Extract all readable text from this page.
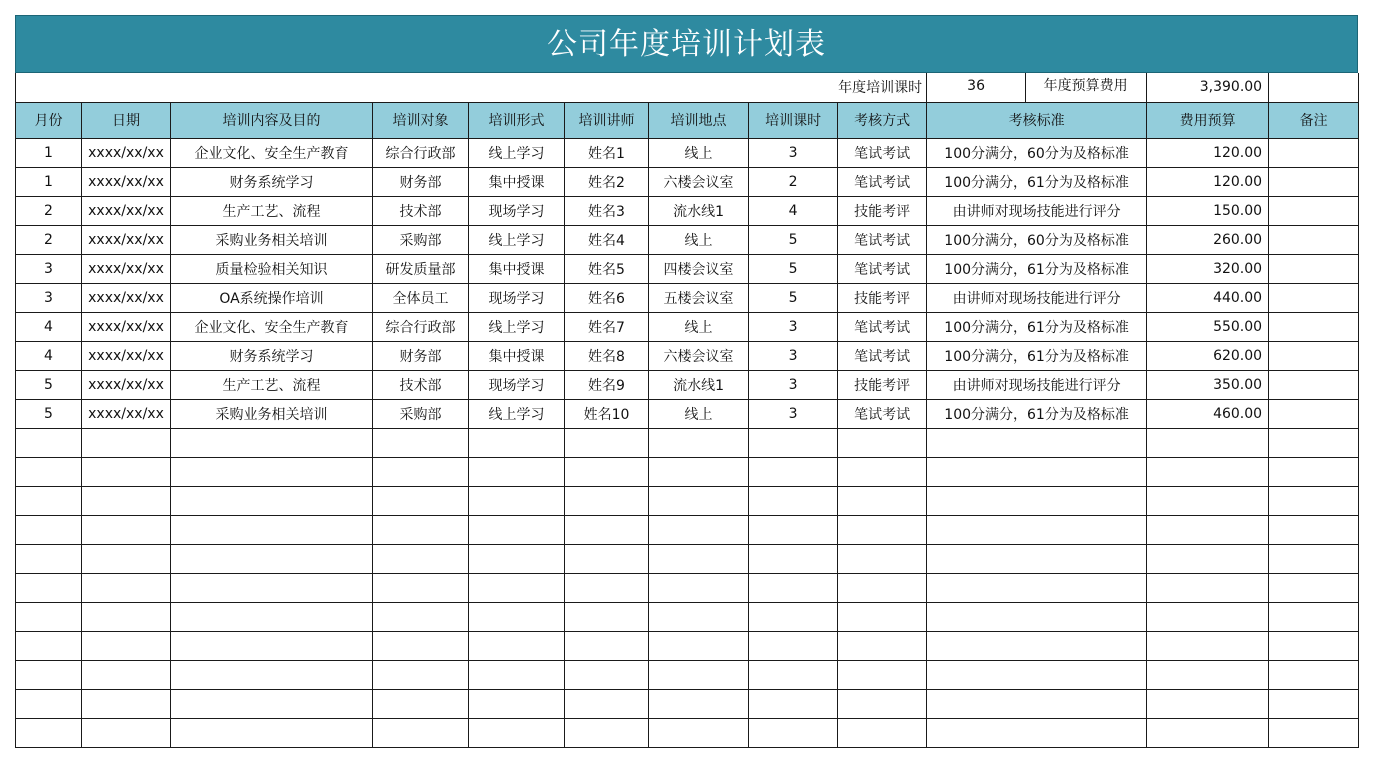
公司年度培训计划表
							年度培训课时		36 年度预算费用	3,390.00	
月份	日期	培训内容及目的	培训对象	培训形式	培训讲师	培训地点	培训课时	考核方式	考核标准	费用预算	备注
1	xxxx/xx/xx	企业文化、安全生产教育	综合行政部	线上学习	姓名1	线上	3	笔试考试	100分满分，60分为及格标准	120.00	
1	xxxx/xx/xx	财务系统学习	财务部	集中授课	姓名2	六楼会议室	2	笔试考试	100分满分，61分为及格标准	120.00	
2	xxxx/xx/xx	生产工艺、流程	技术部	现场学习	姓名3	流水线1	4	技能考评	由讲师对现场技能进行评分	150.00	
2	xxxx/xx/xx	采购业务相关培训	采购部	线上学习	姓名4	线上	5	笔试考试	100分满分，60分为及格标准	260.00	
3	xxxx/xx/xx	质量检验相关知识	研发质量部	集中授课	姓名5	四楼会议室	5	笔试考试	100分满分，61分为及格标准	320.00	
3	xxxx/xx/xx	OA系统操作培训	全体员工	现场学习	姓名6	五楼会议室	5	技能考评	由讲师对现场技能进行评分	440.00	
4	xxxx/xx/xx	企业文化、安全生产教育	综合行政部	线上学习	姓名7	线上	3	笔试考试	100分满分，61分为及格标准	550.00	
4	xxxx/xx/xx	财务系统学习	财务部	集中授课	姓名8	六楼会议室	3	笔试考试	100分满分，61分为及格标准	620.00	
5	xxxx/xx/xx	生产工艺、流程	技术部	现场学习	姓名9	流水线1	3	技能考评	由讲师对现场技能进行评分	350.00	
5	xxxx/xx/xx	采购业务相关培训	采购部	线上学习	姓名10	线上	3	笔试考试	100分满分，61分为及格标准	460.00	
